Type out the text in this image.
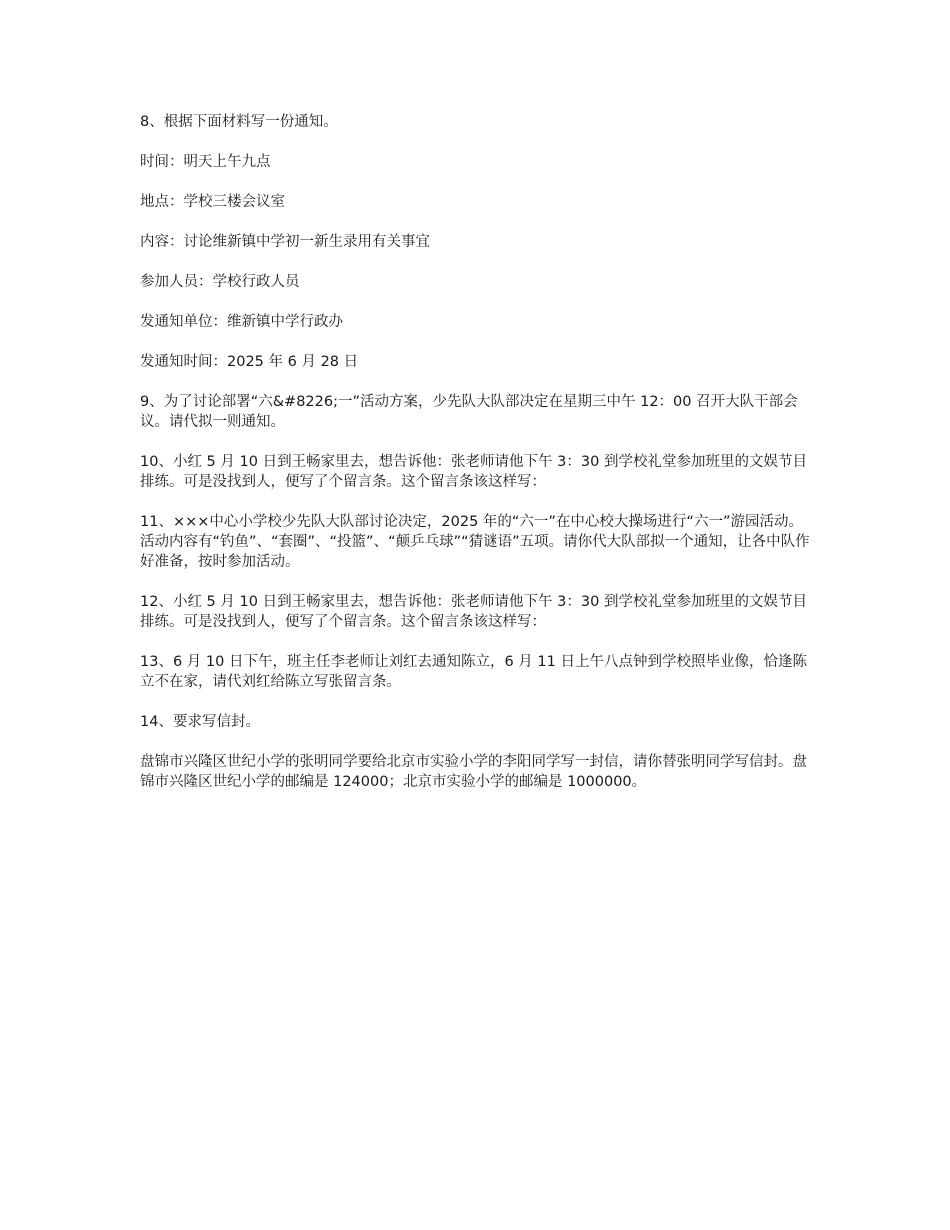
8、根据下面材料写一份通知。

时间：明天上午九点

地点：学校三楼会议室

内容：讨论维新镇中学初一新生录用有关事宜

参加人员：学校行政人员

发通知单位：维新镇中学行政办

发通知时间：2025 年 6 月 28 日

9、为了讨论部署“六&#8226;一”活动方案，少先队大队部决定在星期三中午 12：00 召开大队干部会议。请代拟一则通知。

10、小红 5 月 10 日到王畅家里去，想告诉他：张老师请他下午 3：30 到学校礼堂参加班里的文娱节目排练。可是没找到人，便写了个留言条。这个留言条该这样写：

11、×××中心小学校少先队大队部讨论决定，2025 年的“六一”在中心校大操场进行“六一”游园活动。活动内容有“钓鱼”、“套圈”、“投篮”、“颠乒乓球”“猜谜语”五项。请你代大队部拟一个通知，让各中队作好准备，按时参加活动。

12、小红 5 月 10 日到王畅家里去，想告诉他：张老师请他下午 3：30 到学校礼堂参加班里的文娱节目排练。可是没找到人，便写了个留言条。这个留言条该这样写：

13、6 月 10 日下午，班主任李老师让刘红去通知陈立，6 月 11 日上午八点钟到学校照毕业像，恰逢陈立不在家，请代刘红给陈立写张留言条。

14、要求写信封。

盘锦市兴隆区世纪小学的张明同学要给北京市实验小学的李阳同学写一封信，请你替张明同学写信封。盘锦市兴隆区世纪小学的邮编是 124000；北京市实验小学的邮编是 1000000。
